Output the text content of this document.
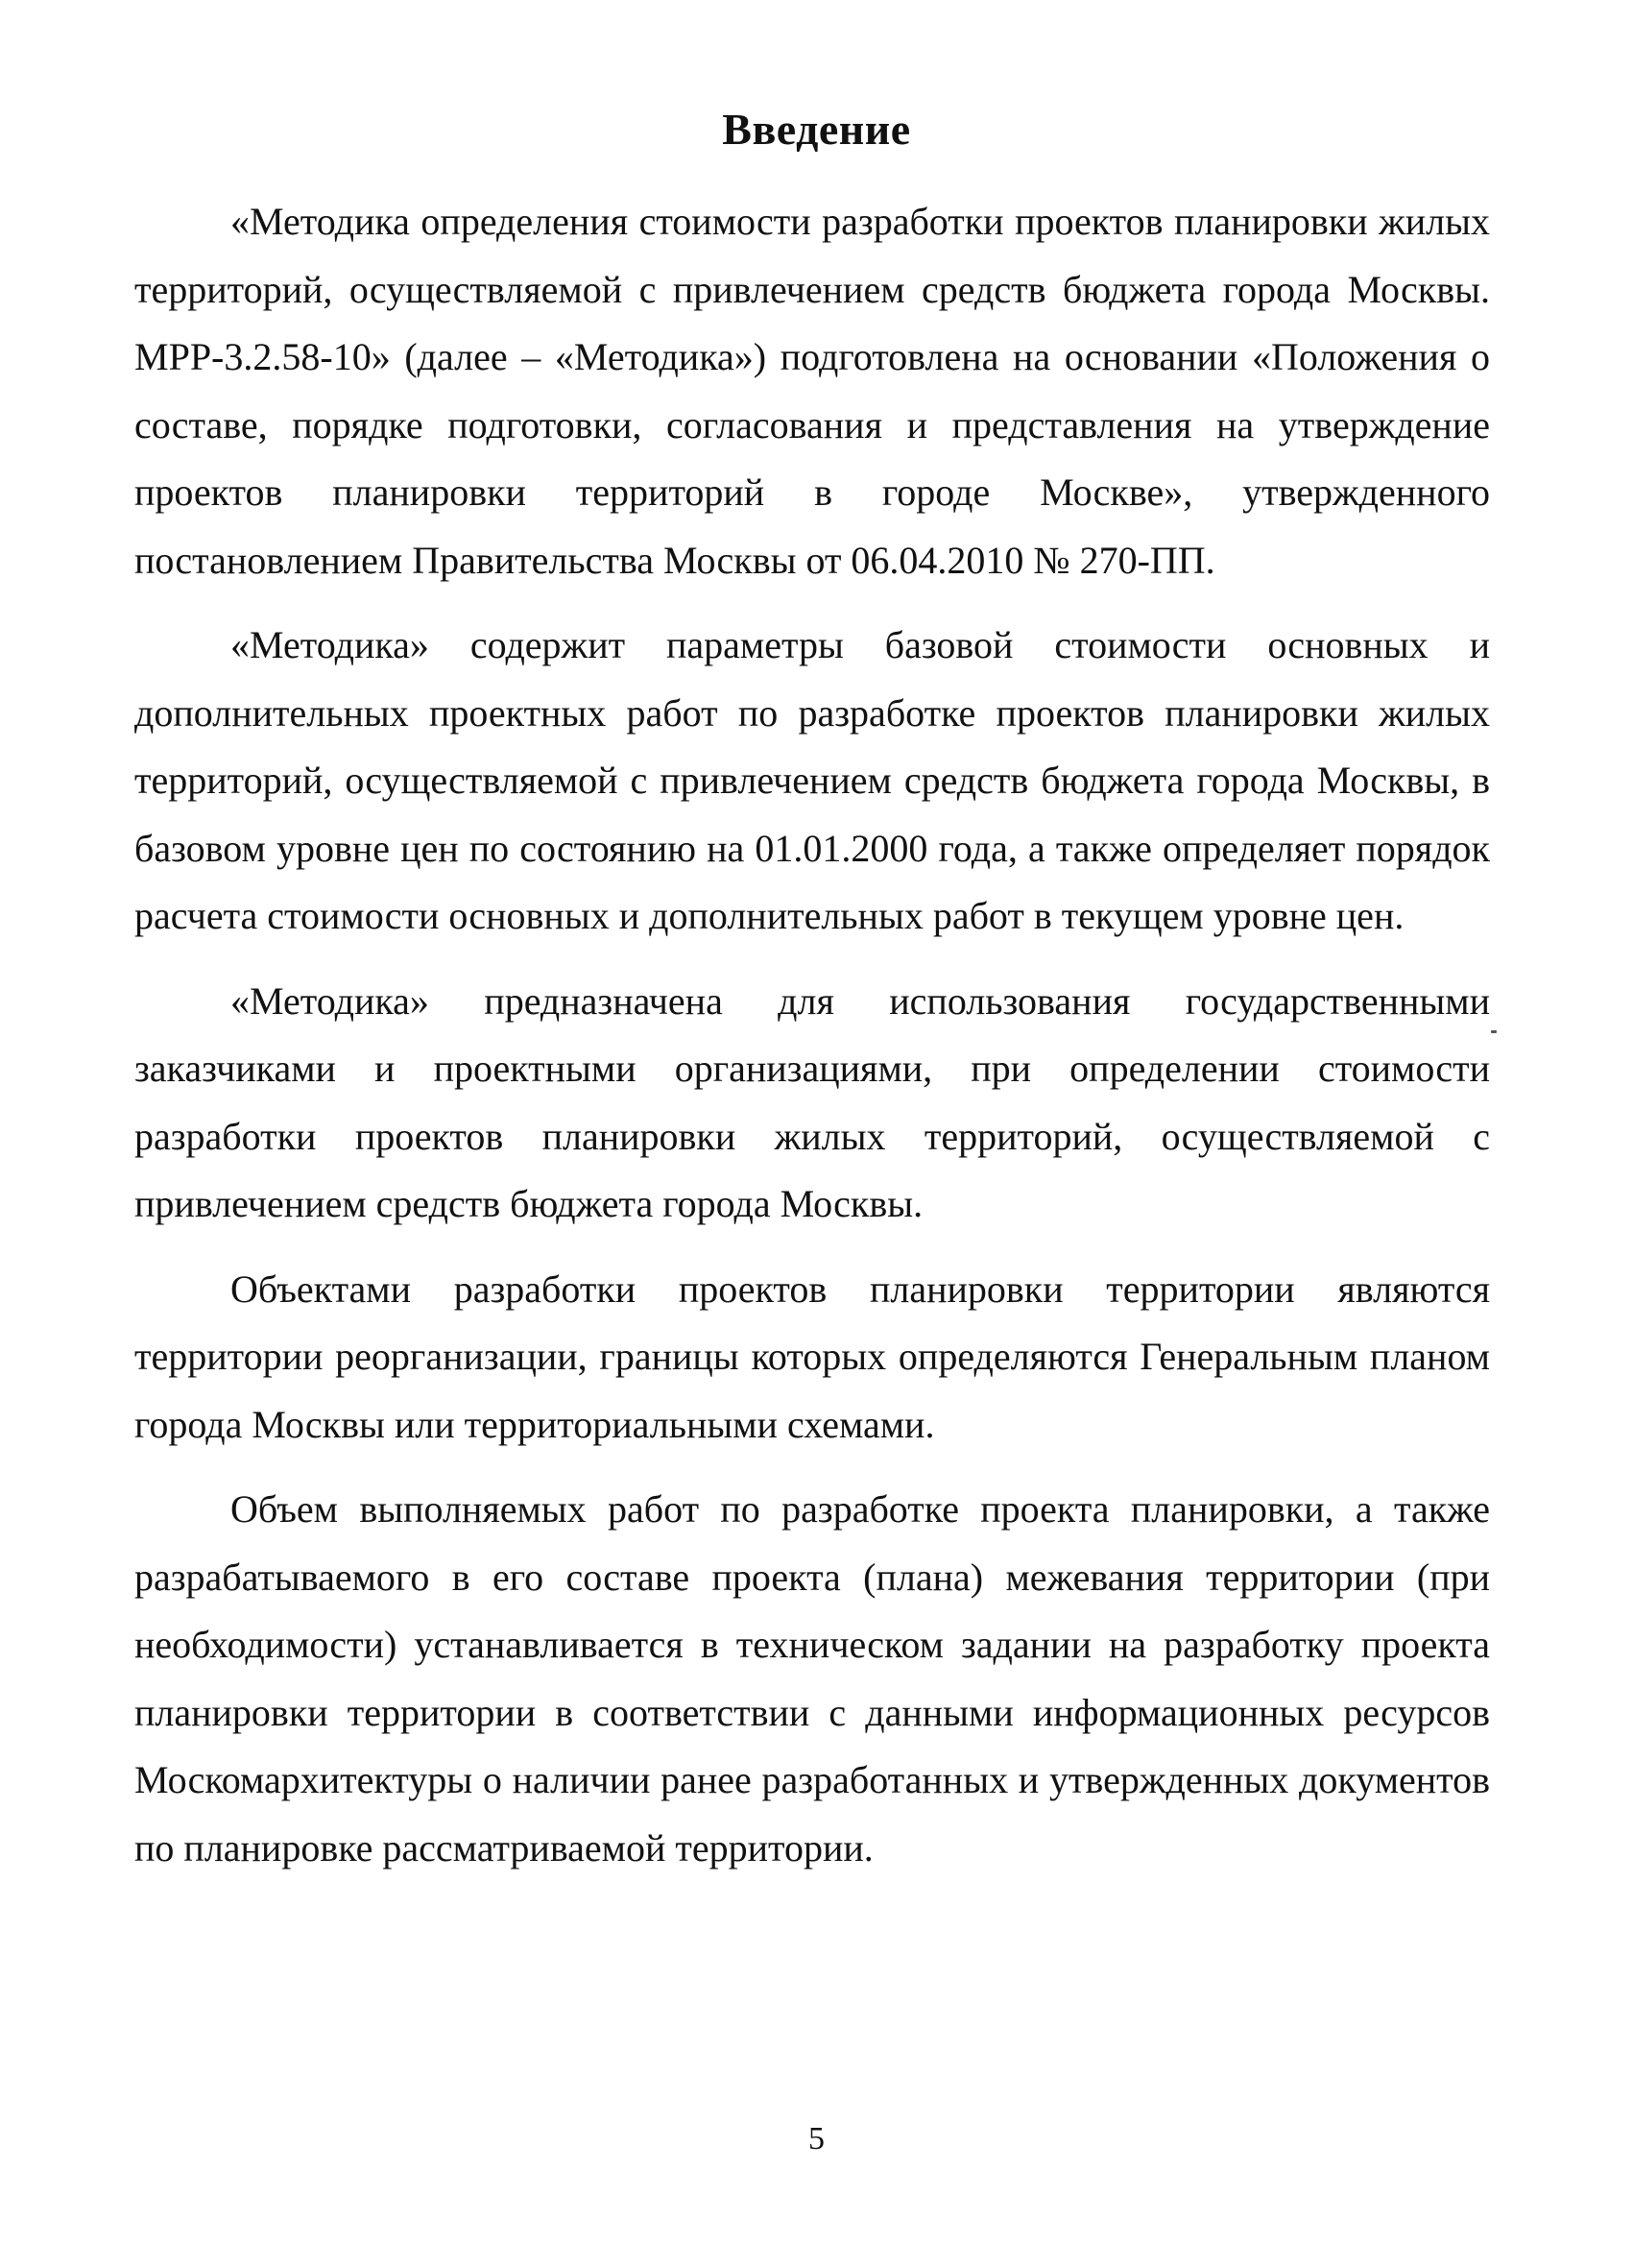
Введение

«Методика определения стоимости разработки проектов планировки жилых территорий, осуществляемой с привлечением средств бюджета города Москвы. МРР-3.2.58-10» (далее – «Методика») подготовлена на основании «Положения о составе, порядке подготовки, согласования и представления на утверждение проектов планировки территорий в городе Москве», утвержденного постановлением Правительства Москвы от 06.04.2010 № 270-ПП.

«Методика» содержит параметры базовой стоимости основных и дополнительных проектных работ по разработке проектов планировки жилых территорий, осуществляемой с привлечением средств бюджета города Москвы, в базовом уровне цен по состоянию на 01.01.2000 года, а также определяет порядок расчета стоимости основных и дополнительных работ в текущем уровне цен.

«Методика» предназначена для использования государственными заказчиками и проектными организациями, при определении стоимости разработки проектов планировки жилых территорий, осуществляемой с привлечением средств бюджета города Москвы.

Объектами разработки проектов планировки территории являются территории реорганизации, границы которых определяются Генеральным планом города Москвы или территориальными схемами.

Объем выполняемых работ по разработке проекта планировки, а также разрабатываемого в его составе проекта (плана) межевания территории (при необходимости) устанавливается в техническом задании на разработку проекта планировки территории в соответствии с данными информационных ресурсов Москомархитектуры о наличии ранее разработанных и утвержденных документов по планировке рассматриваемой территории.

5
